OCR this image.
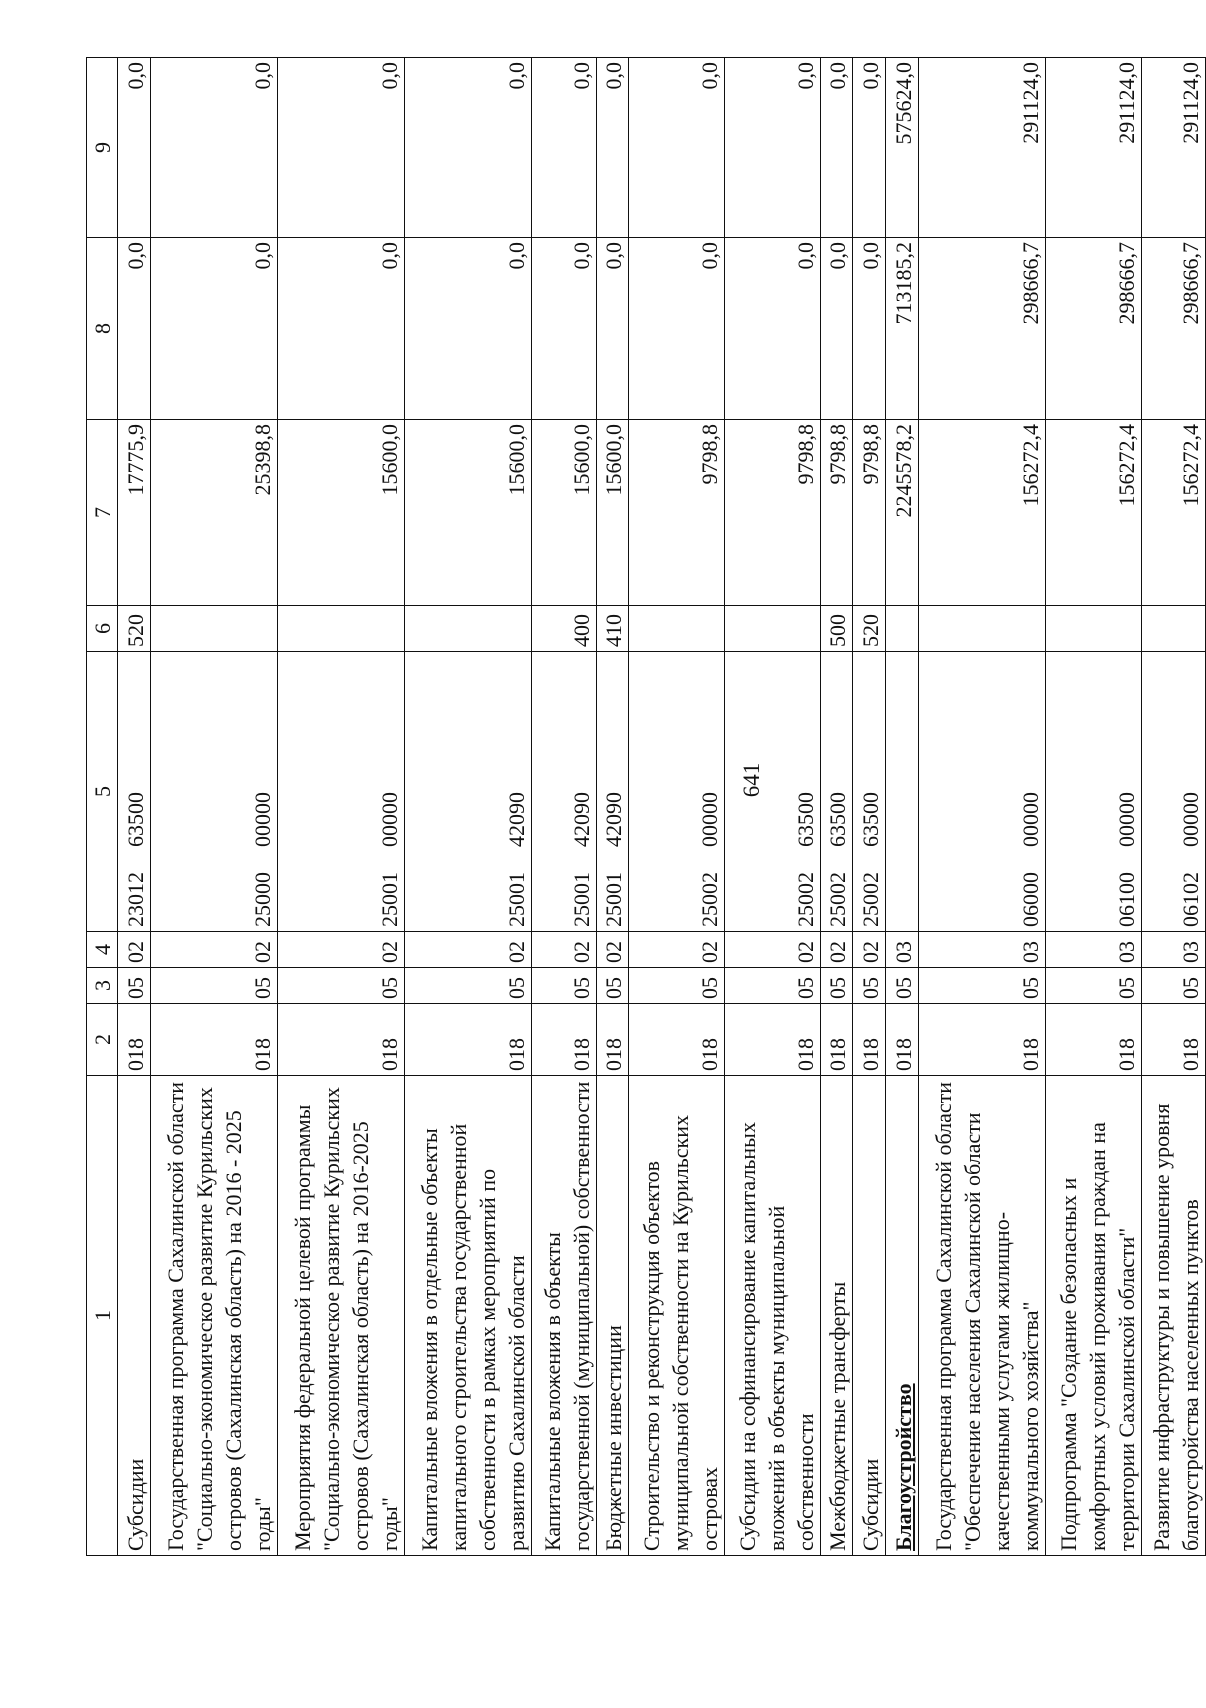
641
1	2	3	4	5	6	7	8	9
Субсидии	018	05	02	2301263500	520	17775,9	0,0	0,0
Государственная программа Сахалинской области "Социально-экономическое развитие Курильских островов (Сахалинская область) на 2016 - 2025 годы"	018	05	02	2500000000		25398,8	0,0	0,0
Мероприятия федеральной целевой программы "Социально-экономическое развитие Курильских островов (Сахалинская область) на 2016-2025 годы"	018	05	02	2500100000		15600,0	0,0	0,0
Капитальные вложения в отдельные объекты капитального строительства государственной собственности в рамках мероприятий по развитию Сахалинской области	018	05	02	2500142090		15600,0	0,0	0,0
Капитальные вложения в объекты государственной (муниципальной) собственности	018	05	02	2500142090	400	15600,0	0,0	0,0
Бюджетные инвестиции	018	05	02	2500142090	410	15600,0	0,0	0,0
Строительство и реконструкция объектов муниципальной собственности на Курильских островах	018	05	02	2500200000		9798,8	0,0	0,0
Субсидии на софинансирование капитальных вложений в объекты муниципальной собственности	018	05	02	2500263500		9798,8	0,0	0,0
Межбюджетные трансферты	018	05	02	2500263500	500	9798,8	0,0	0,0
Субсидии	018	05	02	2500263500	520	9798,8	0,0	0,0
Благоустройство	018	05	03			2245578,2	713185,2	575624,0
Государственная программа Сахалинской области "Обеспечение населения Сахалинской области качественными услугами жилищно-коммунального хозяйства"	018	05	03	0600000000		156272,4	298666,7	291124,0
Подпрограмма "Создание безопасных и комфортных условий проживания граждан на территории Сахалинской области"	018	05	03	0610000000		156272,4	298666,7	291124,0
Развитие инфраструктуры и повышение уровня благоустройства населенных пунктов	018	05	03	0610200000		156272,4	298666,7	291124,0
